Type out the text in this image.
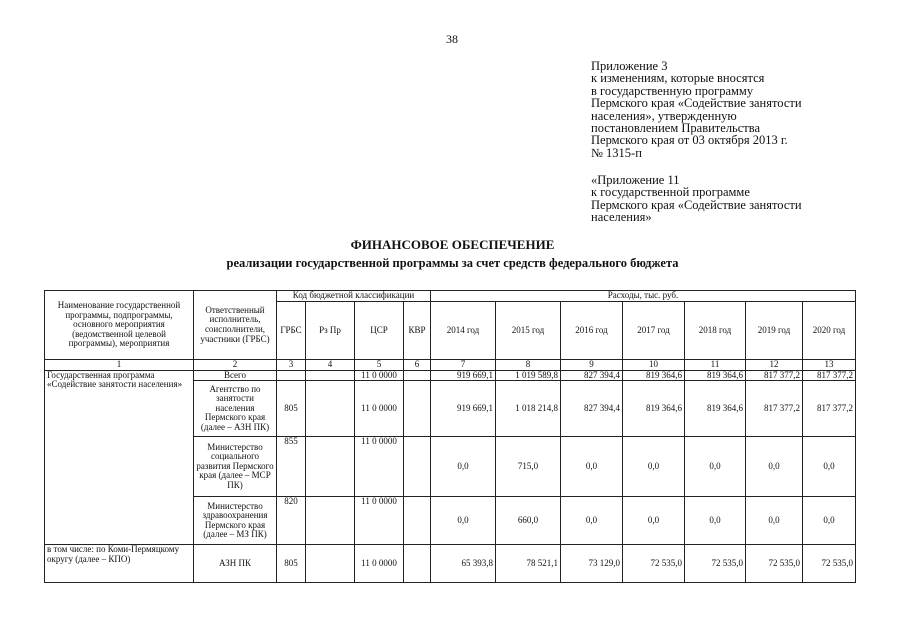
38
Приложение 3
к изменениям, которые вносятся
в государственную программу
Пермского края «Содействие занятости
населения», утвержденную
постановлением Правительства
Пермского края от 03 октября 2013 г.
№ 1315-п
«Приложение 11
к государственной программе
Пермского края «Содействие занятости
населения»
ФИНАНСОВОЕ ОБЕСПЕЧЕНИЕ
реализации государственной программы за счет средств федерального бюджета
Наименование государственной программы, подпрограммы, основного мероприятия (ведомственной целевой программы), мероприятия	Ответственный исполнитель, соисполнители, участники (ГРБС)	Код бюджетной классификации				Расходы, тыс. руб.						
		ГРБС	Рз Пр	ЦСР	КВР	2014 год	2015 год	2016 год	2017 год	2018 год	2019 год	2020 год
1	2	3	4	5	6	7	8	9	10	11	12	13
Государственная программа «Содействие занятости населения»	Всего			11 0 0000		919 669,1	1 019 589,8	827 394,4	819 364,6	819 364,6	817 377,2	817 377,2
	Агентство по занятости населения Пермского края (далее – АЗН ПК)	805		11 0 0000		919 669,1	1 018 214,8	827 394,4	819 364,6	819 364,6	817 377,2	817 377,2
	Министерство социального развития Пермского края (далее – МСР ПК)	855		11 0 0000		0,0	715,0	0,0	0,0	0,0	0,0	0,0
	Министерство здравоохранения Пермского края (далее – МЗ ПК)	820		11 0 0000		0,0	660,0	0,0	0,0	0,0	0,0	0,0
в том числе: по Коми-Пермяцкому округу (далее – КПО)	АЗН ПК	805		11 0 0000		65 393,8	78 521,1	73 129,0	72 535,0	72 535,0	72 535,0	72 535,0
